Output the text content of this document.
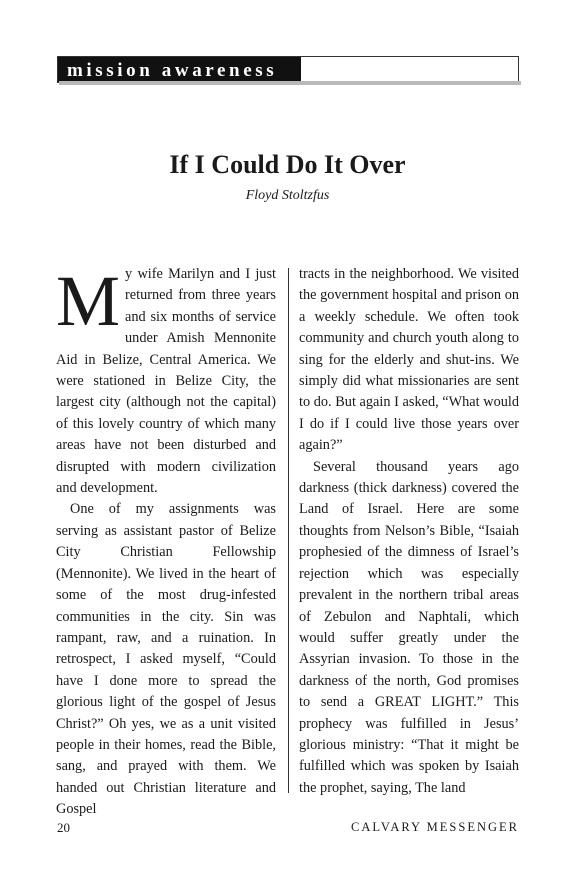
mission awareness
If I Could Do It Over
Floyd Stoltzfus

My wife Marilyn and I just returned from three years and six months of service under Amish Mennonite Aid in Belize, Central America. We were stationed in Belize City, the largest city (although not the capital) of this lovely country of which many areas have not been disturbed and disrupted with modern civilization and development.

One of my assignments was serving as assistant pastor of Belize City Christian Fellowship (Mennonite). We lived in the heart of some of the most drug-infested communities in the city. Sin was rampant, raw, and a ruination. In retrospect, I asked myself, “Could have I done more to spread the glorious light of the gospel of Jesus Christ?” Oh yes, we as a unit visited people in their homes, read the Bible, sang, and prayed with them. We handed out Christian literature and Gospel

tracts in the neighborhood. We visited the government hospital and prison on a weekly schedule. We often took community and church youth along to sing for the elderly and shut-ins. We simply did what missionaries are sent to do. But again I asked, “What would I do if I could live those years over again?”

Several thousand years ago darkness (thick darkness) covered the Land of Israel. Here are some thoughts from Nelson’s Bible, “Isaiah prophesied of the dimness of Israel’s rejection which was especially prevalent in the northern tribal areas of Zebulon and Naphtali, which would suffer greatly under the Assyrian invasion. To those in the darkness of the north, God promises to send a GREAT LIGHT.” This prophecy was fulfilled in Jesus’ glorious ministry: “That it might be fulfilled which was spoken by Isaiah the prophet, saying, The land

20	CALVARY MESSENGER
